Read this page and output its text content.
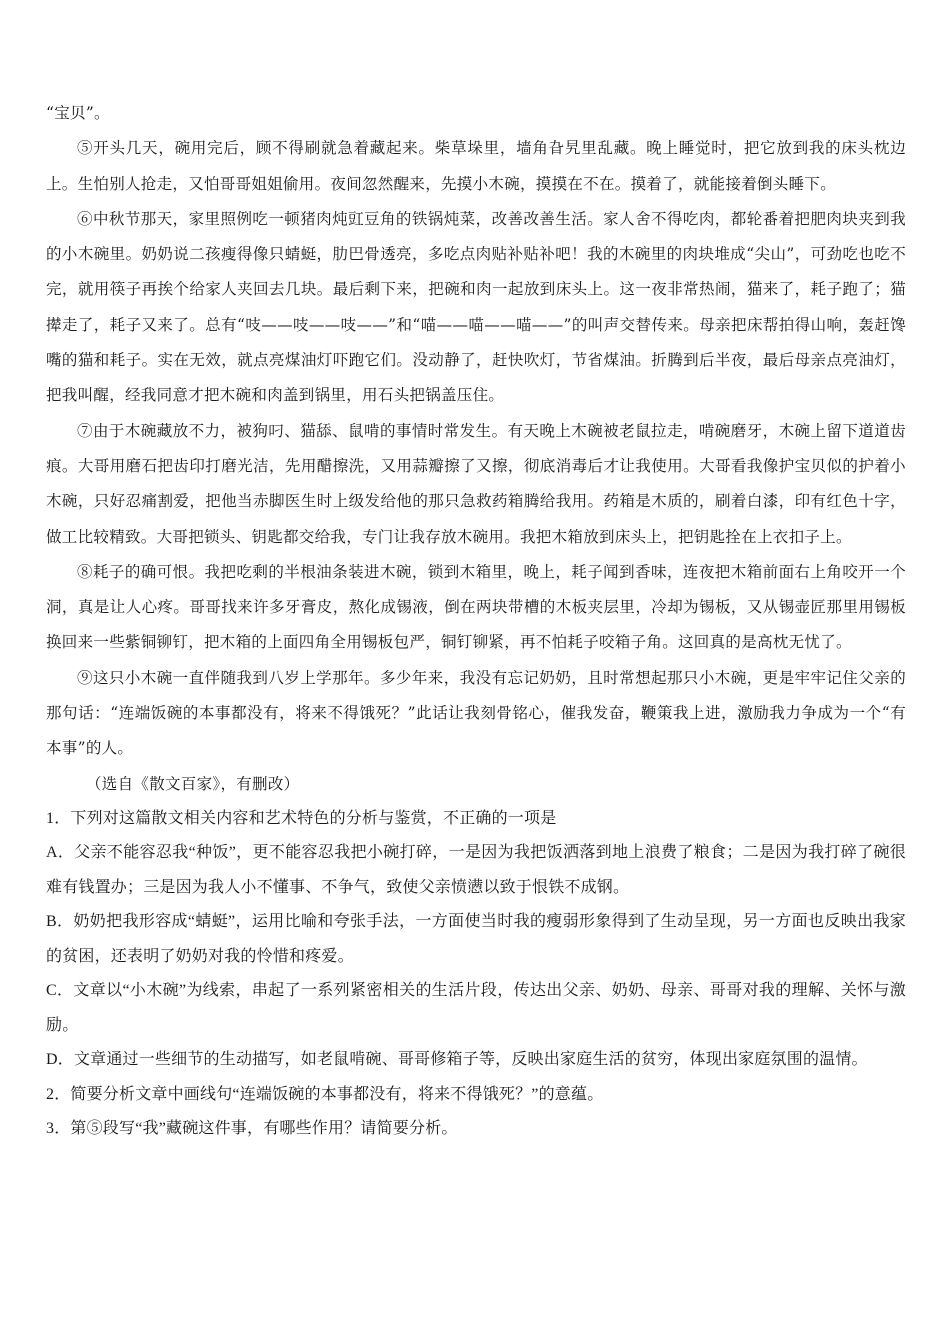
“宝贝”。

⑤开头几天，碗用完后，顾不得刷就急着藏起来。柴草垛里，墙角旮旯里乱藏。晚上睡觉时，把它放到我的床头枕边上。生怕别人抢走，又怕哥哥姐姐偷用。夜间忽然醒来，先摸小木碗，摸摸在不在。摸着了，就能接着倒头睡下。

⑥中秋节那天，家里照例吃一顿猪肉炖豇豆角的铁锅炖菜，改善改善生活。家人舍不得吃肉，都轮番着把肥肉块夹到我的小木碗里。奶奶说二孩瘦得像只蜻蜓，肋巴骨透亮，多吃点肉贴补贴补吧！我的木碗里的肉块堆成“尖山”，可劲吃也吃不完，就用筷子再挨个给家人夹回去几块。最后剩下来，把碗和肉一起放到床头上。这一夜非常热闹，猫来了，耗子跑了；猫撵走了，耗子又来了。总有“吱——吱——吱——”和“喵——喵——喵——”的叫声交替传来。母亲把床帮拍得山响，轰赶馋嘴的猫和耗子。实在无效，就点亮煤油灯吓跑它们。没动静了，赶快吹灯，节省煤油。折腾到后半夜，最后母亲点亮油灯，把我叫醒，经我同意才把木碗和肉盖到锅里，用石头把锅盖压住。

⑦由于木碗藏放不力，被狗叼、猫舔、鼠啃的事情时常发生。有天晚上木碗被老鼠拉走，啃碗磨牙，木碗上留下道道齿痕。大哥用磨石把齿印打磨光洁，先用醋擦洗，又用蒜瓣擦了又擦，彻底消毒后才让我使用。大哥看我像护宝贝似的护着小木碗，只好忍痛割爱，把他当赤脚医生时上级发给他的那只急救药箱腾给我用。药箱是木质的，刷着白漆，印有红色十字，做工比较精致。大哥把锁头、钥匙都交给我，专门让我存放木碗用。我把木箱放到床头上，把钥匙拴在上衣扣子上。

⑧耗子的确可恨。我把吃剩的半根油条装进木碗，锁到木箱里，晚上，耗子闻到香味，连夜把木箱前面右上角咬开一个洞，真是让人心疼。哥哥找来许多牙膏皮，熬化成锡液，倒在两块带槽的木板夹层里，冷却为锡板，又从锡壶匠那里用锡板换回来一些紫铜铆钉，把木箱的上面四角全用锡板包严，铜钉铆紧，再不怕耗子咬箱子角。这回真的是高枕无忧了。

⑨这只小木碗一直伴随我到八岁上学那年。多少年来，我没有忘记奶奶，且时常想起那只小木碗，更是牢牢记住父亲的那句话：“连端饭碗的本事都没有，将来不得饿死？”此话让我刻骨铭心，催我发奋，鞭策我上进，激励我力争成为一个“有本事”的人。

（选自《散文百家》，有删改）

1．下列对这篇散文相关内容和艺术特色的分析与鉴赏，不正确的一项是

A．父亲不能容忍我“种饭”，更不能容忍我把小碗打碎，一是因为我把饭洒落到地上浪费了粮食；二是因为我打碎了碗很难有钱置办；三是因为我人小不懂事、不争气，致使父亲愤懑以致于恨铁不成钢。

B．奶奶把我形容成“蜻蜓”，运用比喻和夸张手法，一方面使当时我的瘦弱形象得到了生动呈现，另一方面也反映出我家的贫困，还表明了奶奶对我的怜惜和疼爱。

C．文章以“小木碗”为线索，串起了一系列紧密相关的生活片段，传达出父亲、奶奶、母亲、哥哥对我的理解、关怀与激励。

D．文章通过一些细节的生动描写，如老鼠啃碗、哥哥修箱子等，反映出家庭生活的贫穷，体现出家庭氛围的温情。

2．简要分析文章中画线句“连端饭碗的本事都没有，将来不得饿死？”的意蕴。

3．第⑤段写“我”藏碗这件事，有哪些作用？请简要分析。
